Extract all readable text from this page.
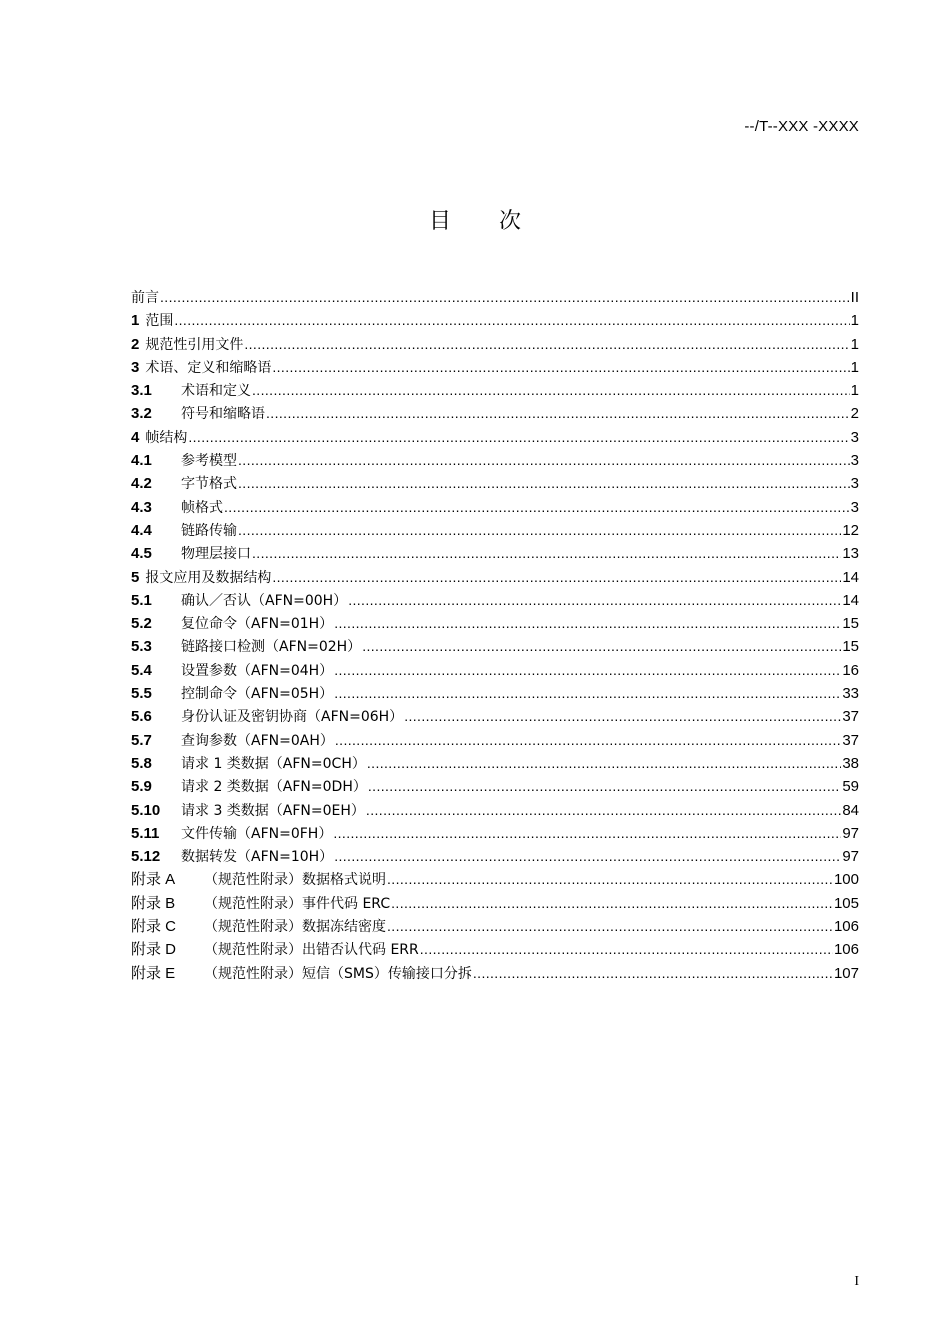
--/T--XXX -XXXX
目次
前言 .....	II
1 范围 .....	1
2 规范性引用文件 .....	1
3 术语、定义和缩略语 .....	1
3.1	术语和定义 .....	1
3.2	符号和缩略语 .....	2
4 帧结构 .....	3
4.1	参考模型 .....	3
4.2	字节格式 .....	3
4.3	帧格式 .....	3
4.4	链路传输 .....	12
4.5	物理层接口 .....	13
5 报文应用及数据结构 .....	14
5.1	确认／否认（AFN=00H） .....	14
5.2	复位命令（AFN=01H） .....	15
5.3	链路接口检测（AFN=02H） .....	15
5.4	设置参数（AFN=04H） .....	16
5.5	控制命令（AFN=05H） .....	33
5.6	身份认证及密钥协商（AFN=06H） .....	37
5.7	查询参数（AFN=0AH） .....	37
5.8	请求 1 类数据（AFN=0CH） .....	38
5.9	请求 2 类数据（AFN=0DH） .....	59
5.10	请求 3 类数据（AFN=0EH） .....	84
5.11	文件传输（AFN=0FH） .....	97
5.12	数据转发（AFN=10H） .....	97
附录 A	（规范性附录）数据格式说明 .....	100
附录 B	（规范性附录）事件代码 ERC .....	105
附录 C	（规范性附录）数据冻结密度 .....	106
附录 D	（规范性附录）出错否认代码 ERR .....	106
附录 E	（规范性附录）短信（SMS）传输接口分拆 .....	107
I
